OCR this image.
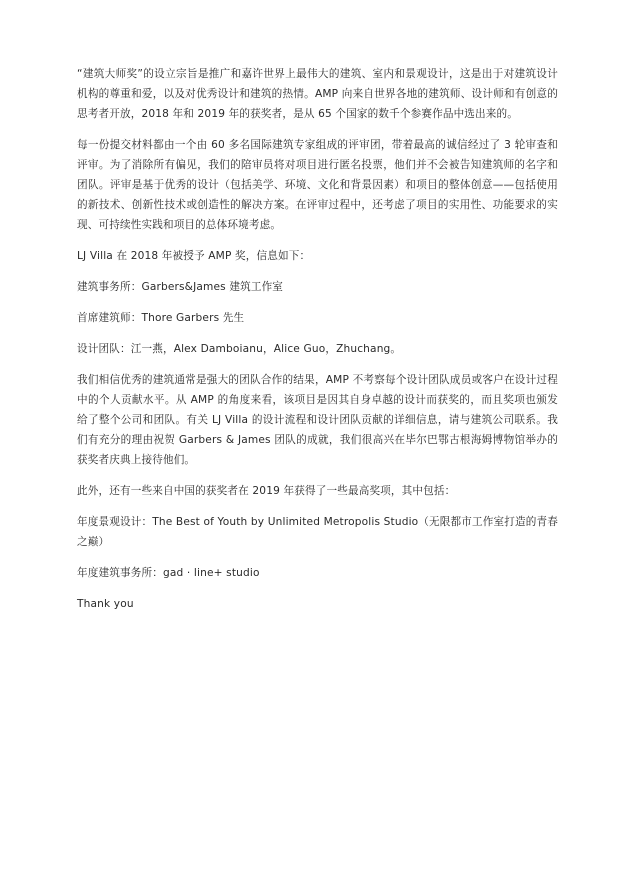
“建筑大师奖”的设立宗旨是推广和嘉许世界上最伟大的建筑、室内和景观设计，这是出于对建筑设计机构的尊重和爱，以及对优秀设计和建筑的热情。AMP 向来自世界各地的建筑师、设计师和有创意的思考者开放，2018 年和 2019 年的获奖者，是从 65 个国家的数千个参赛作品中选出来的。

每一份提交材料都由一个由 60 多名国际建筑专家组成的评审团，带着最高的诚信经过了 3 轮审查和评审。为了消除所有偏见，我们的陪审员将对项目进行匿名投票，他们并不会被告知建筑师的名字和团队。评审是基于优秀的设计（包括美学、环境、文化和背景因素）和项目的整体创意——包括使用的新技术、创新性技术或创造性的解决方案。在评审过程中，还考虑了项目的实用性、功能要求的实现、可持续性实践和项目的总体环境考虑。

LJ Villa 在 2018 年被授予 AMP 奖，信息如下：

建筑事务所：Garbers&James 建筑工作室

首席建筑师：Thore Garbers 先生

设计团队：江一燕，Alex Damboianu，Alice Guo，Zhuchang。

我们相信优秀的建筑通常是强大的团队合作的结果，AMP 不考察每个设计团队成员或客户在设计过程中的个人贡献水平。从 AMP 的角度来看，该项目是因其自身卓越的设计而获奖的，而且奖项也颁发给了整个公司和团队。有关 LJ Villa 的设计流程和设计团队贡献的详细信息，请与建筑公司联系。我们有充分的理由祝贺 Garbers & James 团队的成就，我们很高兴在毕尔巴鄂古根海姆博物馆举办的获奖者庆典上接待他们。

此外，还有一些来自中国的获奖者在 2019 年获得了一些最高奖项，其中包括：

年度景观设计：The Best of Youth by Unlimited Metropolis Studio（无限都市工作室打造的青春之巅）

年度建筑事务所：gad · line+ studio

Thank you
